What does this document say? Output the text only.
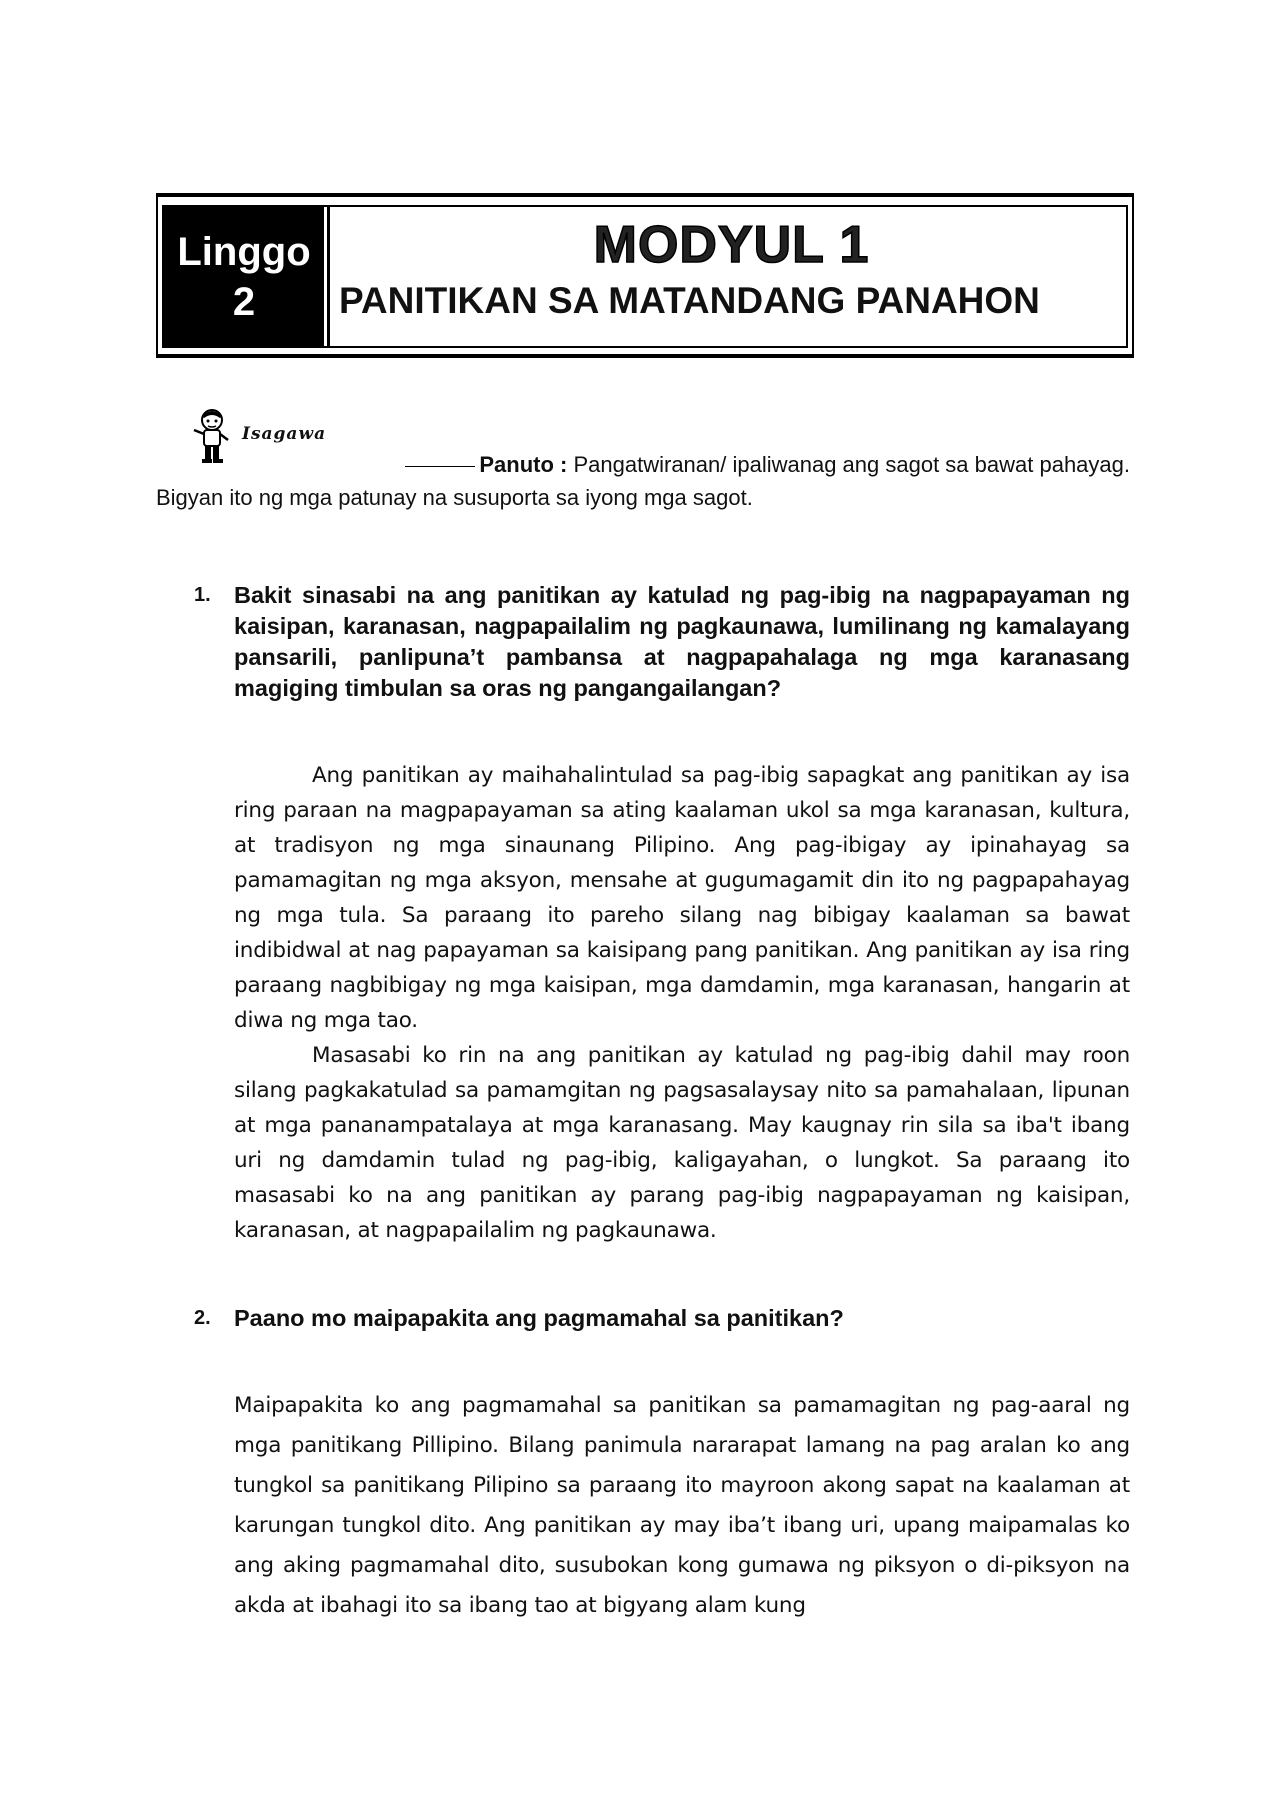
Linggo
2
MODYUL 1
PANITIKAN SA MATANDANG PANAHON
Isagawa
Panuto : Pangatwiranan/ ipaliwanag ang sagot sa bawat pahayag.
Bigyan ito ng mga patunay na susuporta sa iyong mga sagot.
1. Bakit sinasabi na ang panitikan ay katulad ng pag-ibig na nagpapayaman ng kaisipan, karanasan, nagpapailalim ng pagkaunawa, lumilinang ng kamalayang pansarili, panlipuna’t pambansa at nagpapahalaga ng mga karanasang magiging timbulan sa oras ng pangangailangan?

Ang panitikan ay maihahalintulad sa pag-ibig sapagkat ang panitikan ay isa ring paraan na magpapayaman sa ating kaalaman ukol sa mga karanasan, kultura, at tradisyon ng mga sinaunang Pilipino. Ang pag-ibigay ay ipinahayag sa pamamagitan ng mga aksyon, mensahe at gugumagamit din ito ng pagpapahayag ng mga tula. Sa paraang ito pareho silang nag bibigay kaalaman sa bawat indibidwal at nag papayaman sa kaisipang pang panitikan. Ang panitikan ay isa ring paraang nagbibigay ng mga kaisipan, mga damdamin, mga karanasan, hangarin at diwa ng mga tao.

Masasabi ko rin na ang panitikan ay katulad ng pag-ibig dahil may roon silang pagkakatulad sa pamamgitan ng pagsasalaysay nito sa pamahalaan, lipunan at mga pananampatalaya at mga karanasang. May kaugnay rin sila sa iba't ibang uri ng damdamin tulad ng pag-ibig, kaligayahan, o lungkot. Sa paraang ito masasabi ko na ang panitikan ay parang pag-ibig nagpapayaman ng kaisipan, karanasan, at nagpapailalim ng pagkaunawa.

2. Paano mo maipapakita ang pagmamahal sa panitikan?

Maipapakita ko ang pagmamahal sa panitikan sa pamamagitan ng pag-aaral ng mga panitikang Pillipino. Bilang panimula nararapat lamang na pag aralan ko ang tungkol sa panitikang Pilipino sa paraang ito mayroon akong sapat na kaalaman at karungan tungkol dito. Ang panitikan ay may iba’t ibang uri, upang maipamalas ko ang aking pagmamahal dito, susubokan kong gumawa ng piksyon o di-piksyon na akda at ibahagi ito sa ibang tao at bigyang alam kung
